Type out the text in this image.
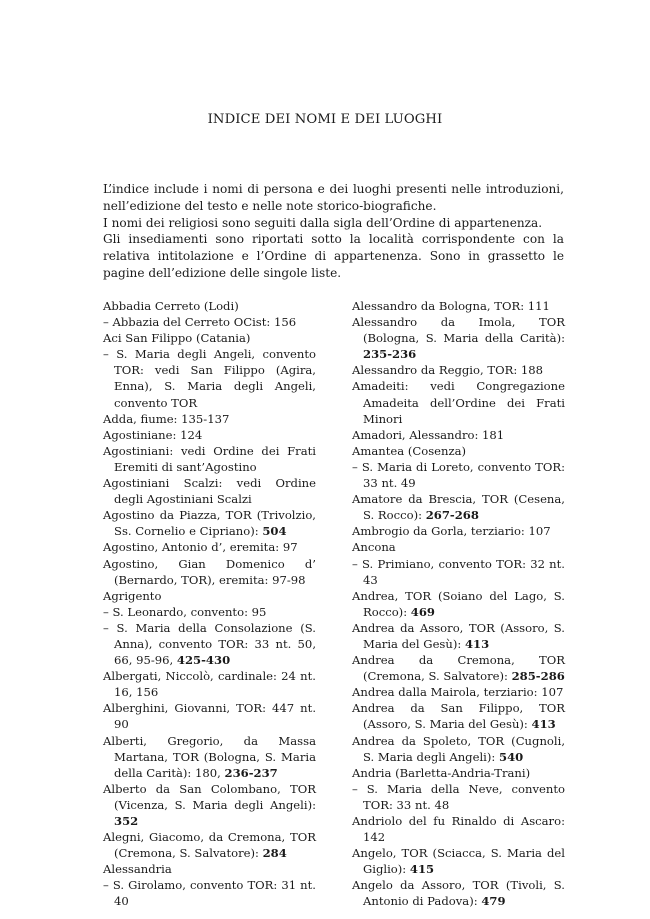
INDICE DEI NOMI E DEI LUOGHI

L’indice include i nomi di persona e dei luoghi presenti nelle introduzioni, nell’edizione del testo e nelle note storico-biografiche.

I nomi dei religiosi sono seguiti dalla sigla dell’Ordine di appartenenza.

Gli insediamenti sono riportati sotto la località corrispondente con la relativa intitolazione e l’Ordine di appartenenza. Sono in grassetto le pagine dell’edizione delle singole liste.

Abbadia Cerreto (Lodi)
– Abbazia del Cerreto OCist: 156
Aci San Filippo (Catania)
– S. Maria degli Angeli, convento TOR: vedi San Filippo (Agira, Enna), S. Maria degli Angeli, convento TOR
Adda, fiume: 135-137
Agostiniane: 124
Agostiniani: vedi Ordine dei Frati Eremiti di sant’Agostino
Agostiniani Scalzi: vedi Ordine degli Agostiniani Scalzi
Agostino da Piazza, TOR (Trivolzio, Ss. Cornelio e Cipriano): 504
Agostino, Antonio d’, eremita: 97
Agostino, Gian Domenico d’ (Bernardo, TOR), eremita: 97-98
Agrigento
– S. Leonardo, convento: 95
– S. Maria della Consolazione (S. Anna), convento TOR: 33 nt. 50, 66, 95-96, 425-430
Albergati, Niccolò, cardinale: 24 nt. 16, 156
Alberghini, Giovanni, TOR: 447 nt. 90
Alberti, Gregorio, da Massa Martana, TOR (Bologna, S. Maria della Carità): 180, 236-237
Alberto da San Colombano, TOR (Vicenza, S. Maria degli Angeli): 352
Alegni, Giacomo, da Cremona, TOR (Cremona, S. Salvatore): 284
Alessandria
– S. Girolamo, convento TOR: 31 nt. 40
Alessandro da Bologna, TOR: 111
Alessandro da Imola, TOR (Bologna, S. Maria della Carità): 235-236
Alessandro da Reggio, TOR: 188
Amadeiti: vedi Congregazione Amadeita dell’Ordine dei Frati Minori
Amadori, Alessandro: 181
Amantea (Cosenza)
– S. Maria di Loreto, convento TOR: 33 nt. 49
Amatore da Brescia, TOR (Cesena, S. Rocco): 267-268
Ambrogio da Gorla, terziario: 107
Ancona
– S. Primiano, convento TOR: 32 nt. 43
Andrea, TOR (Soiano del Lago, S. Rocco): 469
Andrea da Assoro, TOR (Assoro, S. Maria del Gesù): 413
Andrea da Cremona, TOR (Cremona, S. Salvatore): 285-286
Andrea dalla Mairola, terziario: 107
Andrea da San Filippo, TOR (Assoro, S. Maria del Gesù): 413
Andrea da Spoleto, TOR (Cugnoli, S. Maria degli Angeli): 540
Andria (Barletta-Andria-Trani)
– S. Maria della Neve, convento TOR: 33 nt. 48
Andriolo del fu Rinaldo di Ascaro: 142
Angelo, TOR (Sciacca, S. Maria del Giglio): 415
Angelo da Assoro, TOR (Tivoli, S. Antonio di Padova): 479
